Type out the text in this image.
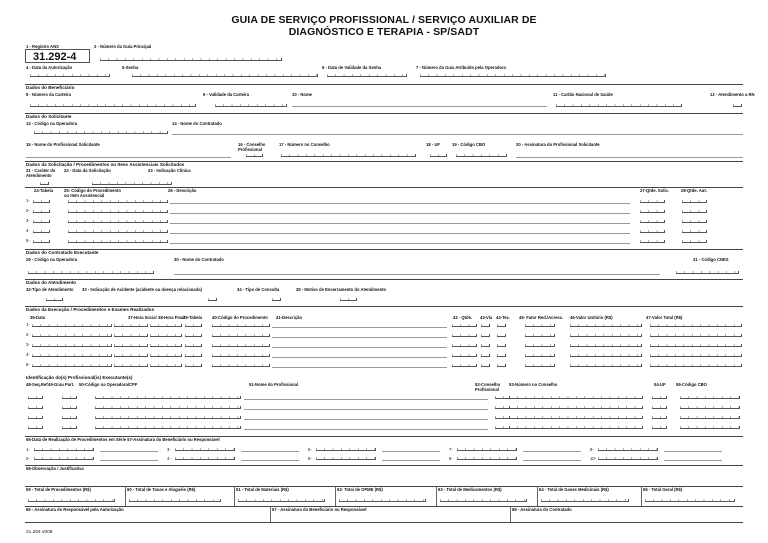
GUIA DE SERVIÇO PROFISSIONAL / SERVIÇO AUXILIAR DE
DIAGNÓSTICO E TERAPIA - SP/SADT
1 - Registro ANS
31.292-4
2 - Número da Guia Principal
4 - Data da Autorização	5-Senha	6 - Data de Validade da Senha	7 - Número da Guia Atribuído pela Operadora
Dados do Beneficiário
8 - Número da Carteira	9 - Validade da Carteira	10 - Nome	11 - Cartão Nacional de Saúde	12 - Atendimento a RN
Dados do Solicitante
13 - Código na Operadora	14 - Nome do Contratado
15 - Nome do Profissional Solicitante	16 - Conselho Profissional
17 - Número no Conselho	18 - UF	19 - Código CBO	20 - Assinatura do Profissional Solicitante
Dados da Solicitação / Procedimentos ou Itens Assistenciais Solicitados
21 - Caráter do Atendimento
22 - Data da Solicitação	23 - Indicação Clínica
24-Tabela	25- Código do Procedimento ou Item Assistencial
26 - Descrição	27-Qtde. Solic.	28-Qtde. Aut.
1-
2-
3-
4-
5-
Dados do Contratado Executante
29 - Código na Operadora	30 - Nome do Contratado	31 - Código CNES
Dados do Atendimento
32-Tipo de Atendimento 33 - Indicação de Acidente (acidente ou doença relacionada)	34 - Tipo de Consulta	35 - Motivo de Encerramento do Atendimento
Dados da Execução / Procedimentos e Exames Realizados
36-Data	37-Hora Inicial 38-Hora Final
39-Tabela 40-Código do Procedimento 41-Descrição	42 - Qtde. 43-Via 44-Tec. 45- Fator Red./Acresc. 46-Valor Unitário (R$)	47-Valor Total (R$)
1-
2-
3-
4-
5-
Identificação do(s) Profissional(is) Executante(s)
48-Seq.Ref 49-Grau Part. 50-Código na Operadora/CPF	51-Nome do Profissional	52-Conselho Profissional
53-Número no Conselho	54-UF 55-Código CBO
56-Data de Realização de Procedimentos em Série 57-Assinatura do Beneficiário ou Responsável
1-	3-	5-	7-	9-
2-	4-	6-	8-	10-
58-Observação / Justificativa
59 - Total de Procedimentos (R$)	60 - Total de Taxas e Aluguéis (R$)	61 - Total de Materiais (R$)	62- Total de OPME (R$)	63 - Total de Medicamentos (R$)	64 - Total de Gases Medicinais (R$)	65 - Total Geral (R$)
66 - Assinatura do Responsável pela Autorização	67 - Assinatura do Beneficiário ou Responsável	68 - Assinatura do Contratado
21.204 v008
